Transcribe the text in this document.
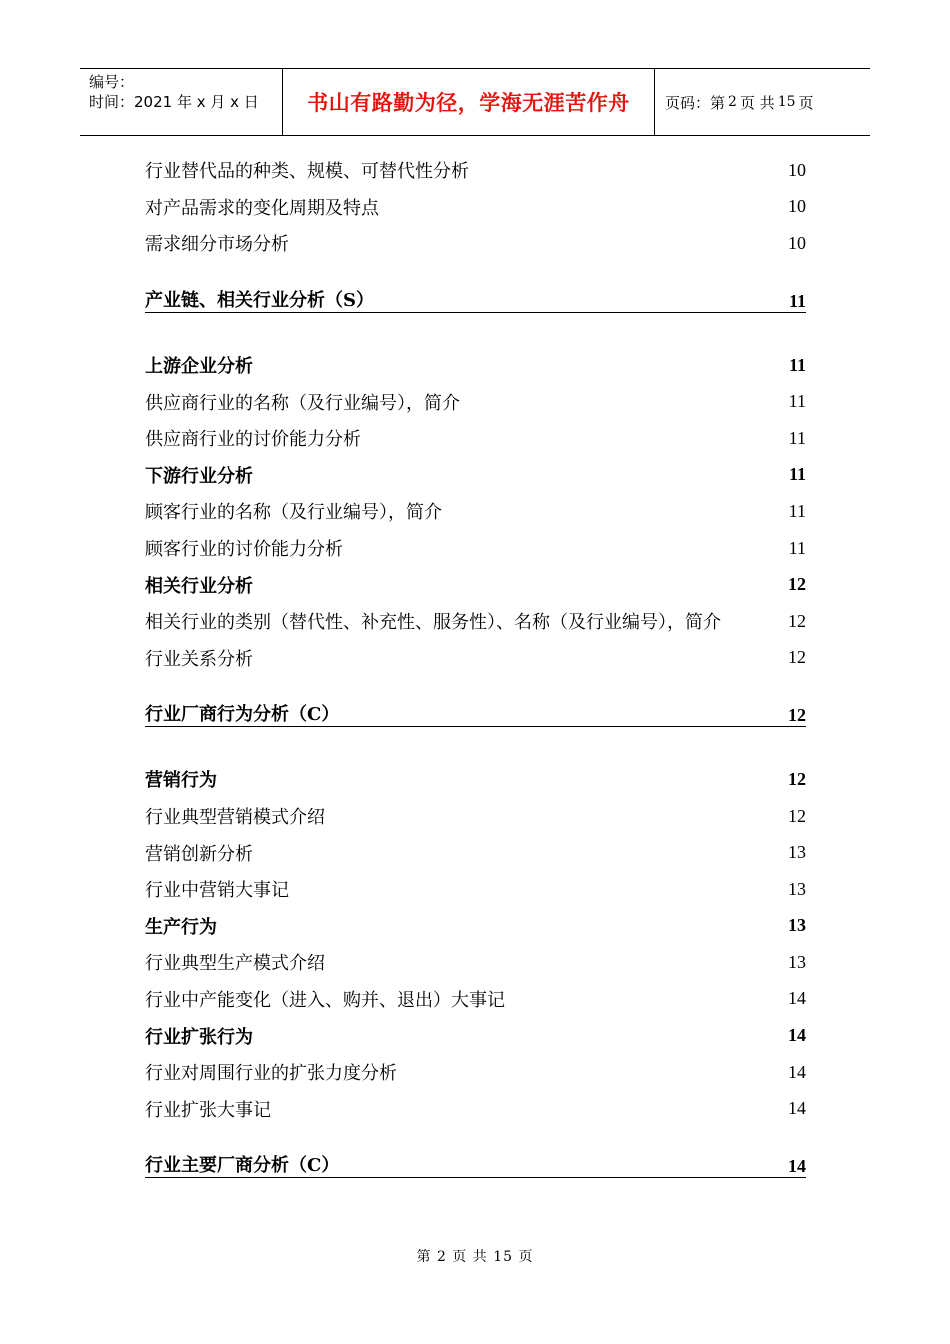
编号：
时间：2021 年 x 月 x 日	书山有路勤为径，学海无涯苦作舟 页码：第 2 页 共 15 页
行业替代品的种类、规模、可替代性分析	10
对产品需求的变化周期及特点	10
需求细分市场分析	10
产业链、相关行业分析（S）	11
上游企业分析	11
供应商行业的名称（及行业编号），简介	11
供应商行业的讨价能力分析	11
下游行业分析	11
顾客行业的名称（及行业编号），简介	11
顾客行业的讨价能力分析	11
相关行业分析	12
相关行业的类别（替代性、补充性、服务性）、名称（及行业编号），简介	12
行业关系分析	12
行业厂商行为分析（C）	12
营销行为	12
行业典型营销模式介绍	12
营销创新分析	13
行业中营销大事记	13
生产行为	13
行业典型生产模式介绍	13
行业中产能变化（进入、购并、退出）大事记	14
行业扩张行为	14
行业对周围行业的扩张力度分析	14
行业扩张大事记	14
行业主要厂商分析（C）	14
第 2 页 共 15 页
